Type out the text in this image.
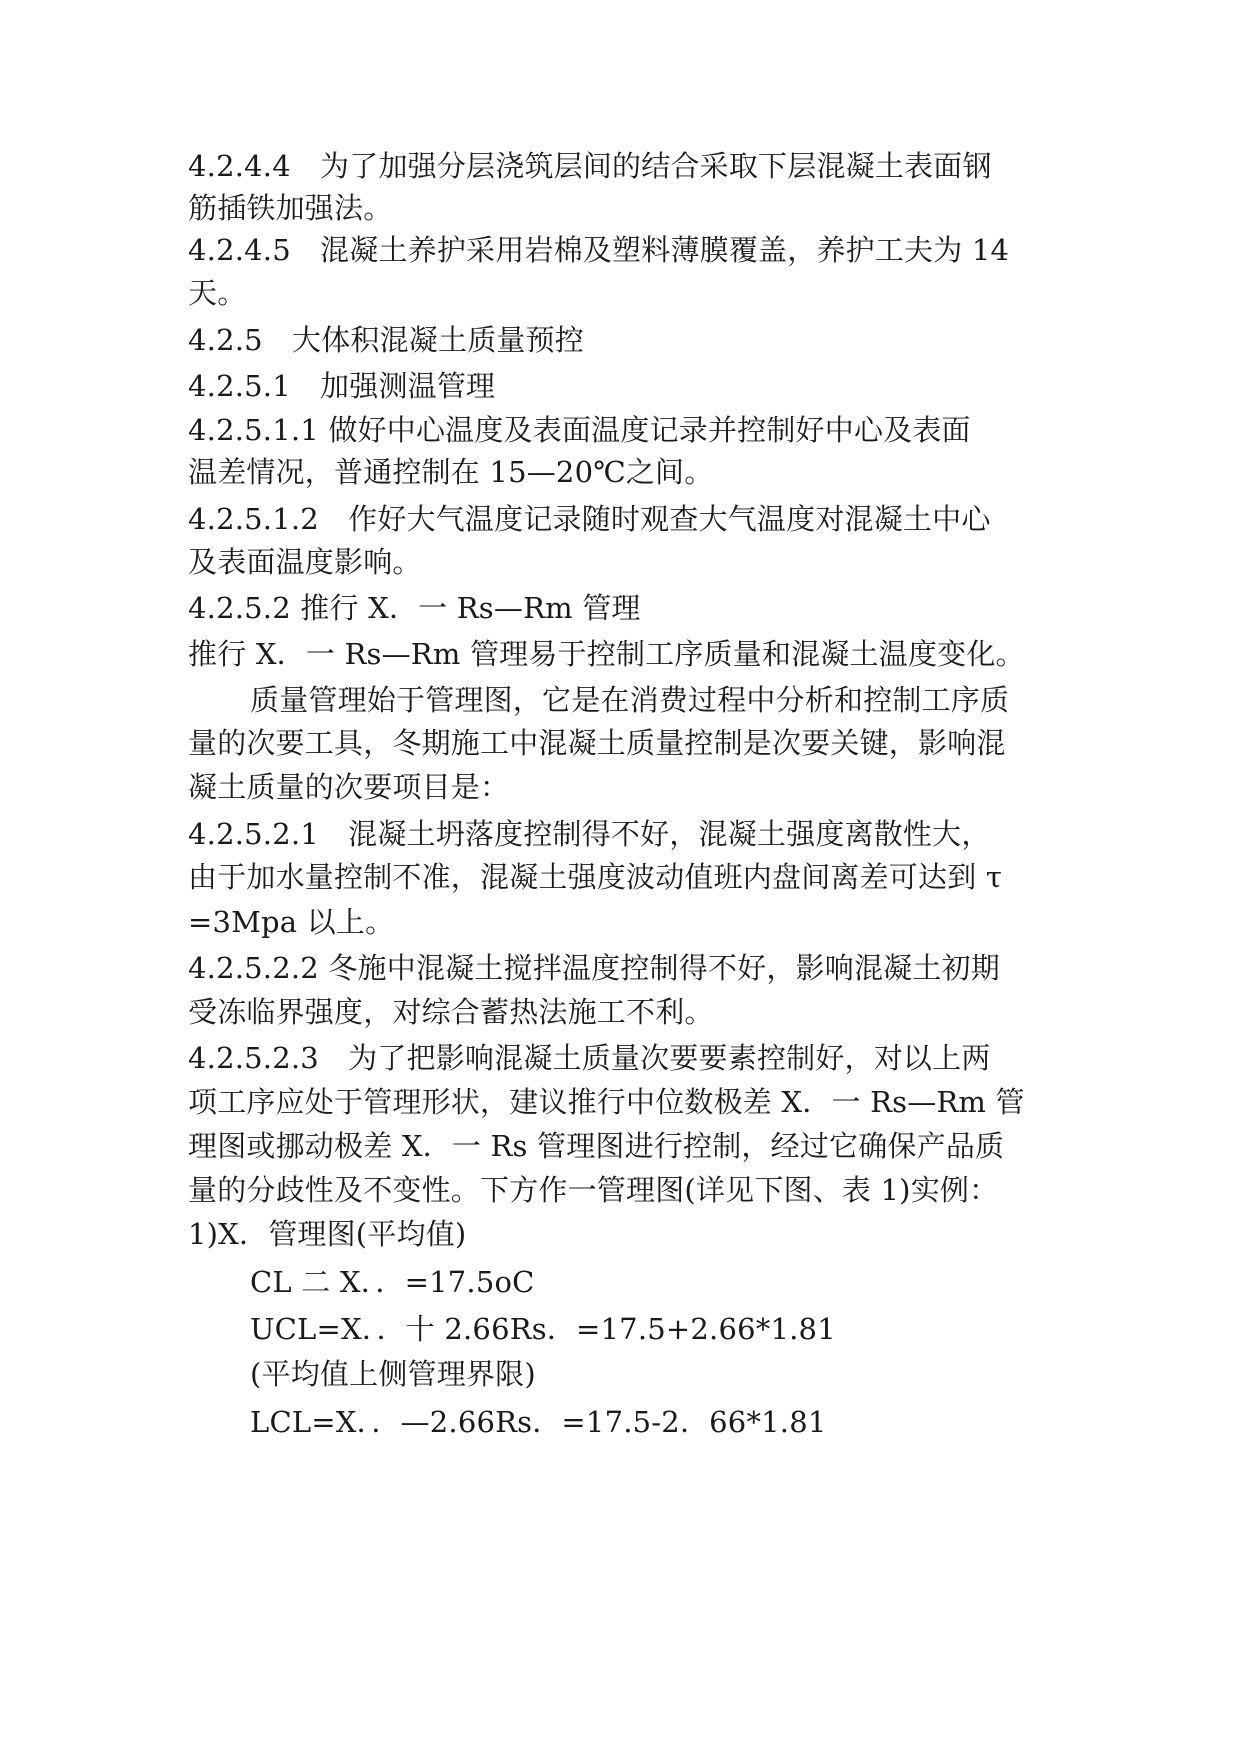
4.2.4.4　为了加强分层浇筑层间的结合采取下层混凝土表面钢
筋插铁加强法。
4.2.4.5　混凝土养护采用岩棉及塑料薄膜覆盖，养护工夫为 14
天。
4.2.5　大体积混凝土质量预控
4.2.5.1　加强测温管理
4.2.5.1.1 做好中心温度及表面温度记录并控制好中心及表面
温差情况，普通控制在 15—20℃之间。
4.2.5.1.2　作好大气温度记录随时观查大气温度对混凝土中心
及表面温度影响。
4.2.5.2 推行 X．一 Rs—Rm 管理
推行 X．一 Rs—Rm 管理易于控制工序质量和混凝土温度变化。
质量管理始于管理图，它是在消费过程中分析和控制工序质
量的次要工具，冬期施工中混凝土质量控制是次要关键，影响混
凝土质量的次要项目是：
4.2.5.2.1　混凝土坍落度控制得不好，混凝土强度离散性大，
由于加水量控制不准，混凝土强度波动值班内盘间离差可达到 τ
=3Mpa 以上。
4.2.5.2.2 冬施中混凝土搅拌温度控制得不好，影响混凝土初期
受冻临界强度，对综合蓄热法施工不利。
4.2.5.2.3　为了把影响混凝土质量次要要素控制好，对以上两
项工序应处于管理形状，建议推行中位数极差 X．一 Rs—Rm 管
理图或挪动极差 X．一 Rs 管理图进行控制，经过它确保产品质
量的分歧性及不变性。下方作一管理图(详见下图、表 1)实例：
1)X．管理图(平均值)
CL 二 X．．=17.5oC
UCL=X．．十 2.66Rs．=17.5+2.66*1.81
(平均值上侧管理界限)
LCL=X．．—2.66Rs．=17.5-2．66*1.81
